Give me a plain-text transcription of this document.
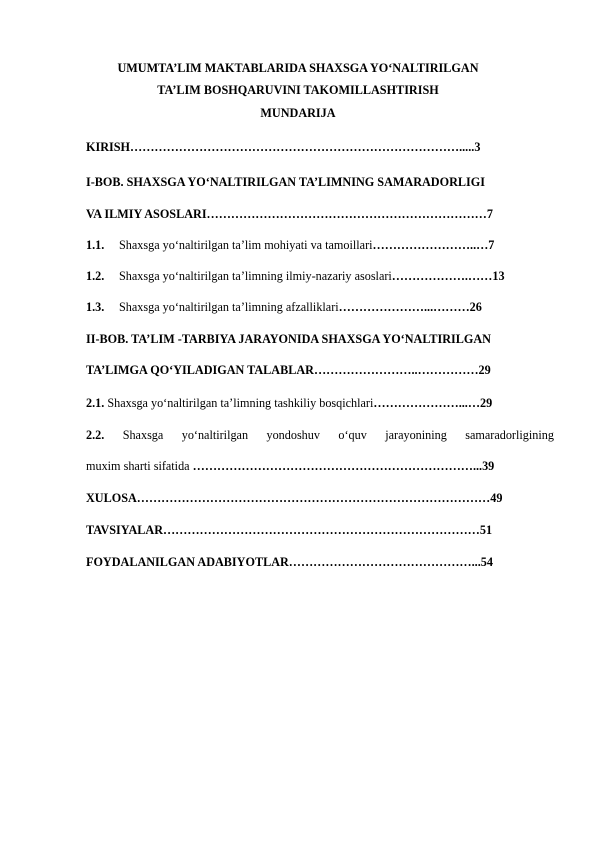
UMUMTA’LIM MAKTABLARIDA SHAXSGA YO‘NALTIRILGAN
TA’LIM BOSHQARUVINI TAKOMILLASHTIRISH
MUNDARIJA
KIRISH……………………………………………………………………….....3
I-BOB. SHAXSGA YO‘NALTIRILGAN TA’LIMNING SAMARADORLIGI
VA ILMIY ASOSLARI……………………………………………………………7
1.1. Shaxsga yo‘naltirilgan ta’lim mohiyati va tamoillari……………………..…7
1.2. Shaxsga yo‘naltirilgan ta’limning ilmiy-nazariy asoslari……………….……13
1.3. Shaxsga yo‘naltirilgan ta’limning afzalliklari…………………...………26
II-BOB. TA’LIM -TARBIYA JARAYONIDA SHAXSGA YO‘NALTIRILGAN
TA’LIMGA QO‘YILADIGAN TALABLAR……………………..……………29
2.1. Shaxsga yo‘naltirilgan ta’limning tashkiliy bosqichlari…………………...…29
2.2. Shaxsga yo‘naltirilgan yondoshuv o‘quv jarayonining samaradorligining
muxim sharti sifatida ……………………………………………………………...39
XULOSA……………………………………………………………………………49
TAVSIYALAR……………………………………………………………………51
FOYDALANILGAN ADABIYOTLAR………………………………………...54
